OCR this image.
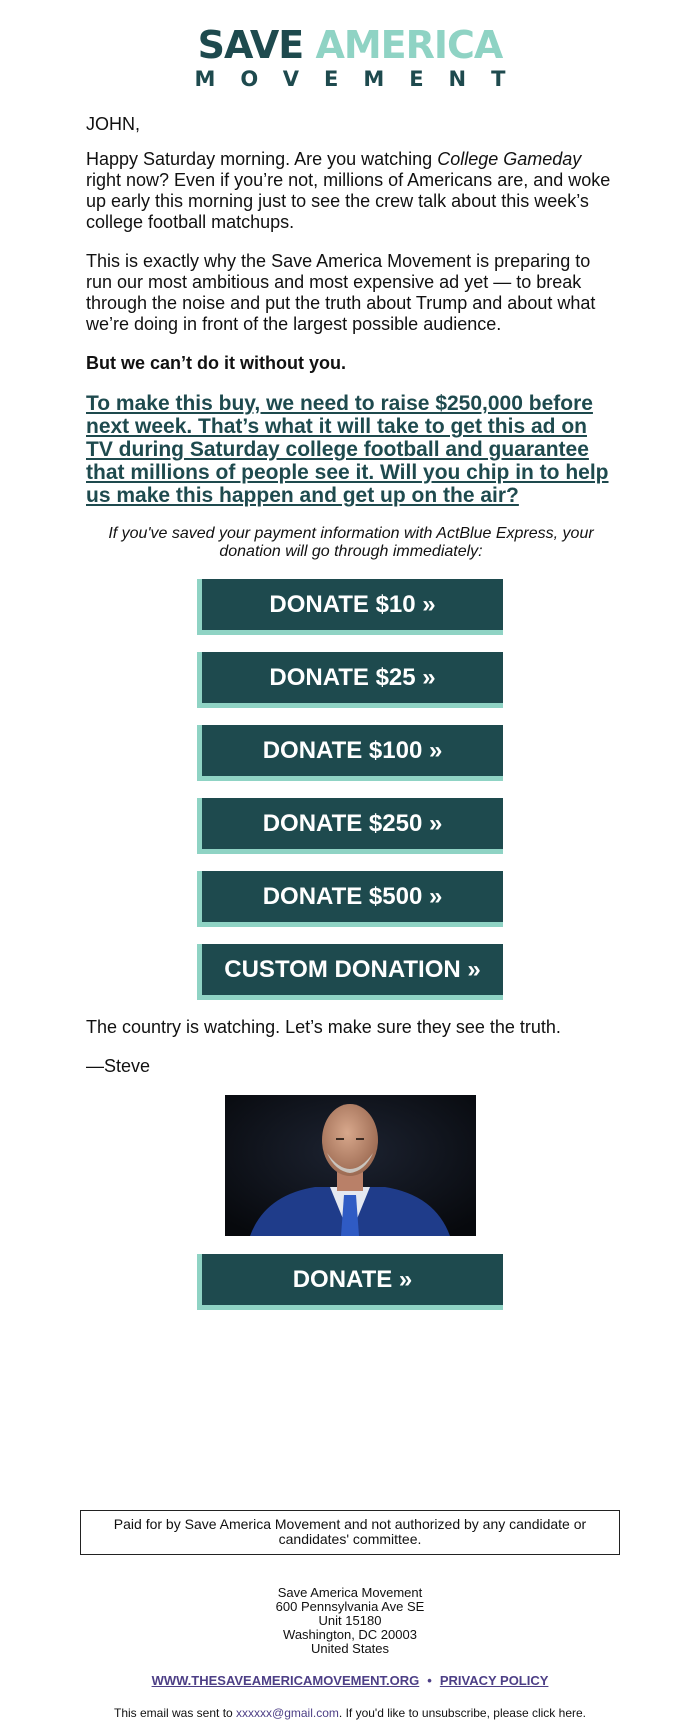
SAVE AMERICA
MOVEMENT

JOHN,

Happy Saturday morning. Are you watching College Gameday right now? Even if you’re not, millions of Americans are, and woke up early this morning just to see the crew talk about this week’s college football matchups.

This is exactly why the Save America Movement is preparing to run our most ambitious and most expensive ad yet — to break through the noise and put the truth about Trump and about what we’re doing in front of the largest possible audience.

But we can’t do it without you.

To make this buy, we need to raise $250,000 before next week. That’s what it will take to get this ad on TV during Saturday college football and guarantee that millions of people see it. Will you chip in to help us make this happen and get up on the air?

If you've saved your payment information with ActBlue Express, your donation will go through immediately:

DONATE $10 »
DONATE $25 »
DONATE $100 »
DONATE $250 »
DONATE $500 »
CUSTOM DONATION »

The country is watching. Let’s make sure they see the truth.

—Steve

DONATE »
Paid for by Save America Movement and not authorized by any candidate or candidates' committee.
Save America Movement
600 Pennsylvania Ave SE
Unit 15180
Washington, DC 20003
United States
WWW.THESAVEAMERICAMOVEMENT.ORG • PRIVACY POLICY
This email was sent to xxxxxx@gmail.com. If you'd like to unsubscribe, please click here.
